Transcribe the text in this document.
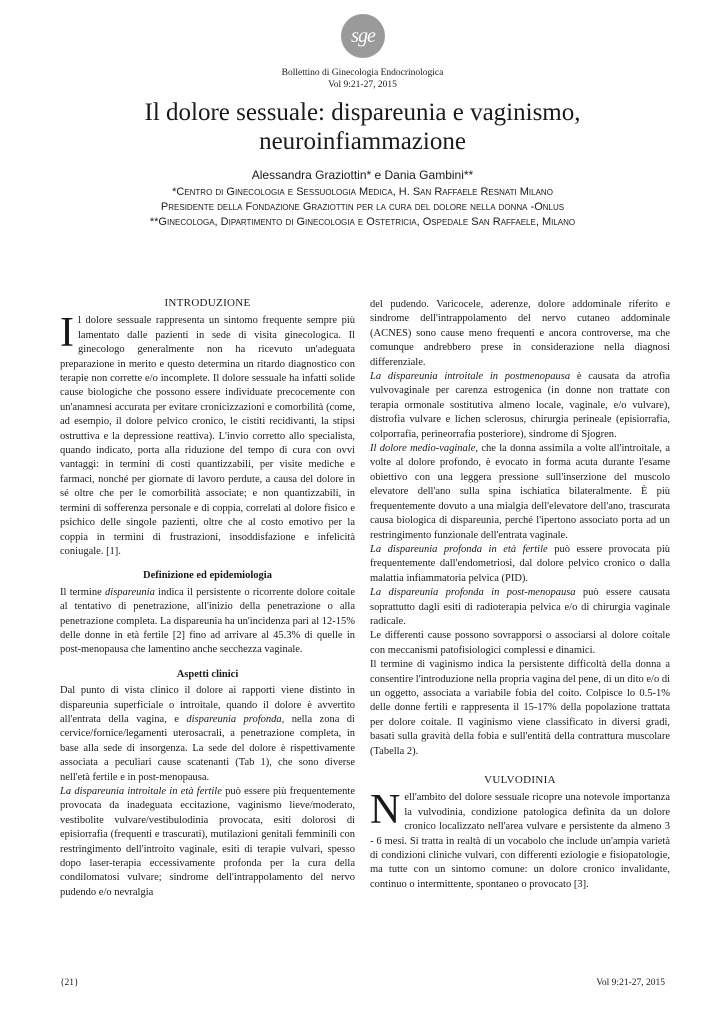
sge
Bollettino di Ginecologia Endocrinologica
Vol 9:21-27, 2015
Il dolore sessuale: dispareunia e vaginismo,
neuroinfiammazione
Alessandra Graziottin* e Dania Gambini**
*Centro di Ginecologia e Sessuologia Medica, H. San Raffaele Resnati Milano
Presidente della Fondazione Graziottin per la cura del dolore nella donna -Onlus
**Ginecologa, Dipartimento di Ginecologia e Ostetricia, Ospedale San Raffaele, Milano
INTRODUZIONE

Il dolore sessuale rappresenta un sintomo frequente sempre più lamentato dalle pazienti in sede di visita ginecologica. Il ginecologo generalmente non ha ricevuto un'adeguata preparazione in merito e questo determina un ritardo diagnostico con terapie non corrette e/o incomplete. Il dolore sessuale ha infatti solide cause biologiche che possono essere individuate precocemente con un'anamnesi accurata per evitare cronicizzazioni e comorbilità (come, ad esempio, il dolore pelvico cronico, le cistiti recidivanti, la stipsi ostruttiva e la depressione reattiva). L'invio corretto allo specialista, quando indicato, porta alla riduzione del tempo di cura con ovvi vantaggi: in termini di costi quantizzabili, per visite mediche e farmaci, nonché per giornate di lavoro perdute, a causa del dolore in sé oltre che per le comorbilità associate; e non quantizzabili, in termini di sofferenza personale e di coppia, correlati al dolore fisico e psichico delle singole pazienti, oltre che al costo emotivo per la coppia in termini di frustrazioni, insoddisfazione e infelicità coniugale. [1].

Definizione ed epidemiologia

Il termine dispareunia indica il persistente o ricorrente dolore coitale al tentativo di penetrazione, all'inizio della penetrazione o alla penetrazione completa. La dispareunia ha un'incidenza pari al 12-15% delle donne in età fertile [2] fino ad arrivare al 45.3% di quelle in post-menopausa che lamentino anche secchezza vaginale.

Aspetti clinici

Dal punto di vista clinico il dolore ai rapporti viene distinto in dispareunia superficiale o introitale, quando il dolore è avvertito all'entrata della vagina, e dispareunia profonda, nella zona di cervice/fornice/legamenti uterosacrali, a penetrazione completa, in base alla sede di insorgenza. La sede del dolore è rispettivamente associata a peculiari cause scatenanti (Tab 1), che sono diverse nell'età fertile e in post-menopausa.

La dispareunia introitale in età fertile può essere più frequentemente provocata da inadeguata eccitazione, vaginismo lieve/moderato, vestibolite vulvare/vestibulodinia provocata, esiti dolorosi di episiorrafia (frequenti e trascurati), mutilazioni genitali femminili con restringimento dell'introito vaginale, esiti di terapie vulvari, spesso dopo laser-terapia eccessivamente profonda per la cura della condilomatosi vulvare; sindrome dell'intrappolamento del nervo pudendo e/o nevralgia

del pudendo. Varicocele, aderenze, dolore addominale riferito e sindrome dell'intrappolamento del nervo cutaneo addominale (ACNES) sono cause meno frequenti e ancora controverse, ma che comunque andrebbero prese in considerazione nella diagnosi differenziale.

La dispareunia introitale in postmenopausa è causata da atrofia vulvovaginale per carenza estrogenica (in donne non trattate con terapia ormonale sostitutiva almeno locale, vaginale, e/o vulvare), distrofia vulvare e lichen sclerosus, chirurgia perineale (episiorrafia, colporrafia, perineorrafia posteriore), sindrome di Sjogren.

Il dolore medio-vaginale, che la donna assimila a volte all'introitale, a volte al dolore profondo, è evocato in forma acuta durante l'esame obiettivo con una leggera pressione sull'inserzione del muscolo elevatore dell'ano sulla spina ischiatica bilateralmente. È più frequentemente dovuto a una mialgia dell'elevatore dell'ano, trascurata causa biologica di dispareunia, perché l'ipertono associato porta ad un restringimento funzionale dell'entrata vaginale.

La dispareunia profonda in età fertile può essere provocata più frequentemente dall'endometriosi, dal dolore pelvico cronico o dalla malattia infiammatoria pelvica (PID).

La dispareunia profonda in post-menopausa può essere causata soprattutto dagli esiti di radioterapia pelvica e/o di chirurgia vaginale radicale.

Le differenti cause possono sovrapporsi o associarsi al dolore coitale con meccanismi patofisiologici complessi e dinamici.

Il termine di vaginismo indica la persistente difficoltà della donna a consentire l'introduzione nella propria vagina del pene, di un dito e/o di un oggetto, associata a variabile fobia del coito. Colpisce lo 0.5-1% delle donne fertili e rappresenta il 15-17% della popolazione trattata per dolore coitale. Il vaginismo viene classificato in diversi gradi, basati sulla gravità della fobia e sull'entità della contrattura muscolare (Tabella 2).

VULVODINIA

Nell'ambito del dolore sessuale ricopre una notevole importanza la vulvodinia, condizione patologica definita da un dolore cronico localizzato nell'area vulvare e persistente da almeno 3 - 6 mesi. Si tratta in realtà di un vocabolo che include un'ampia varietà di condizioni cliniche vulvari, con differenti eziologie e fisiopatologie, ma tutte con un sintomo comune: un dolore cronico invalidante, continuo o intermittente, spontaneo o provocato [3].

{21}	Vol 9:21-27, 2015
